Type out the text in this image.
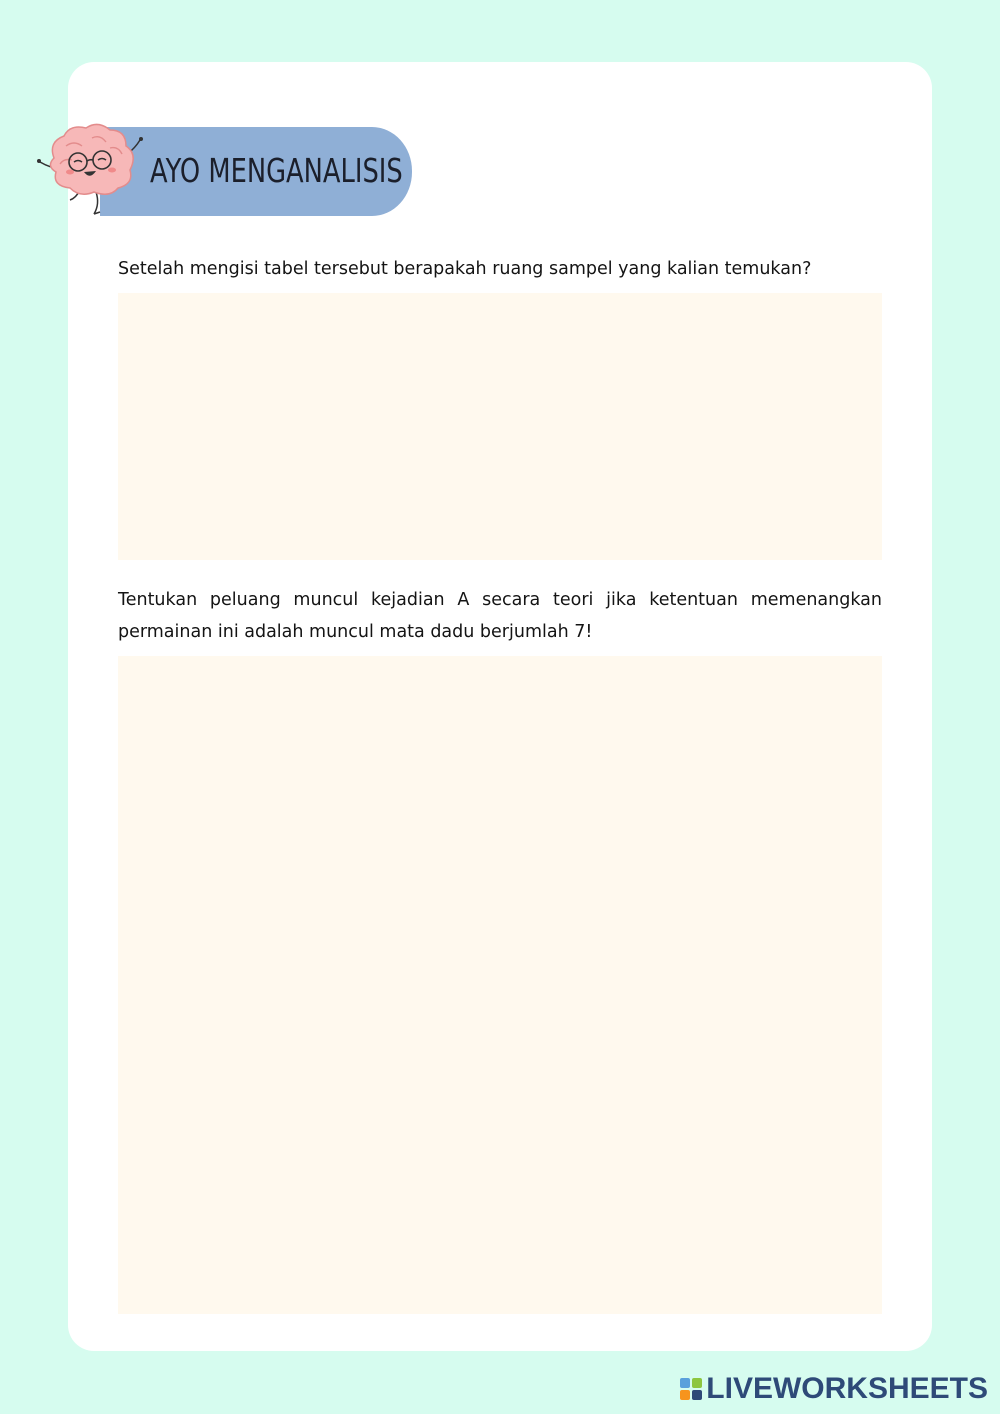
AYO MENGANALISIS
Setelah mengisi tabel tersebut berapakah ruang sampel yang kalian temukan?
Tentukan peluang muncul kejadian A secara teori jika ketentuan memenangkan permainan ini adalah muncul mata dadu berjumlah 7!
LIVEWORKSHEETS
